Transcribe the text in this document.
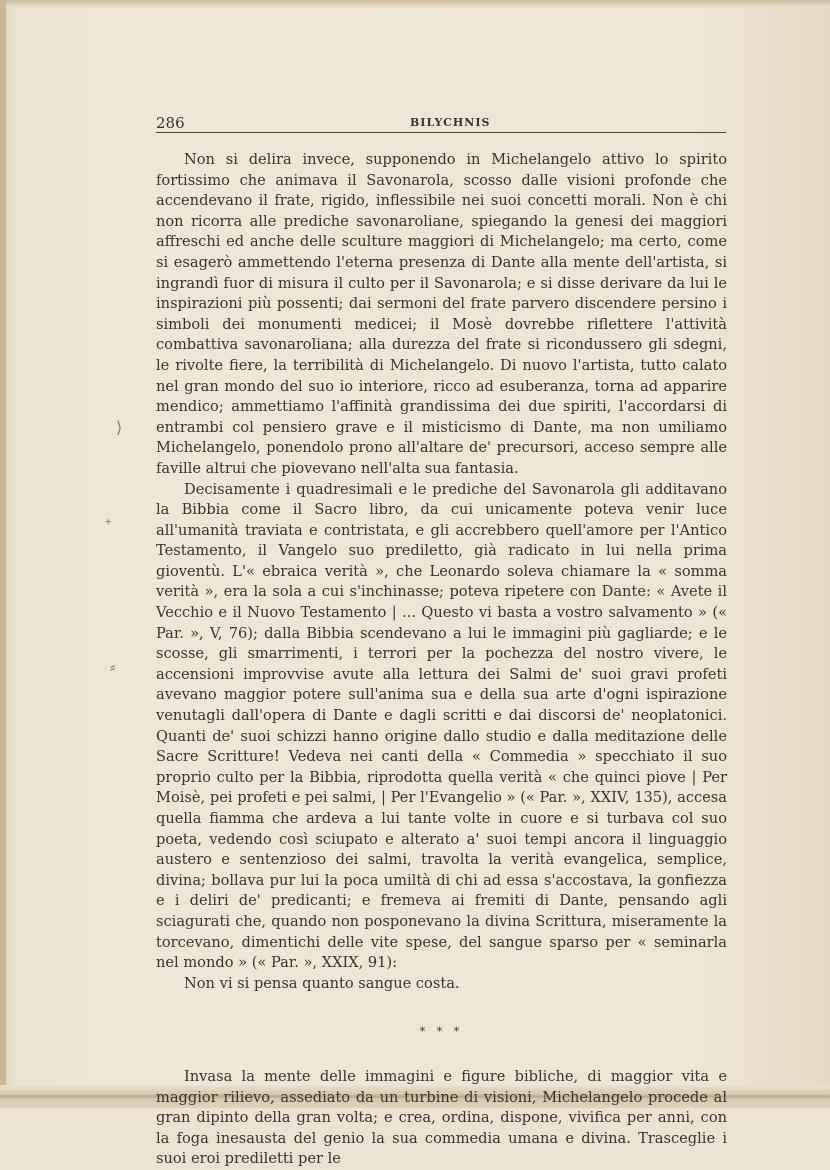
286	BILYCHNIS

Non si delira invece, supponendo in Michelangelo attivo lo spirito fortissimo che animava il Savonarola, scosso dalle visioni profonde che accendevano il frate, rigido, inflessibile nei suoi concetti morali. Non è chi non ricorra alle prediche savonaroliane, spiegando la genesi dei maggiori affreschi ed anche delle sculture maggiori di Michelangelo; ma certo, come si esagerò ammettendo l'eterna presenza di Dante alla mente dell'artista, si ingrandì fuor di misura il culto per il Savonarola; e si disse derivare da lui le inspirazioni più possenti; dai sermoni del frate parvero discendere persino i simboli dei monumenti medicei; il Mosè dovrebbe riflettere l'attività combattiva savonaroliana; alla durezza del frate si ricondussero gli sdegni, le rivolte fiere, la terribilità di Michelangelo. Di nuovo l'artista, tutto calato nel gran mondo del suo io interiore, ricco ad esuberanza, torna ad apparire mendico; ammettiamo l'affinità grandissima dei due spiriti, l'accordarsi di entrambi col pensiero grave e il misticismo di Dante, ma non umiliamo Michelangelo, ponendolo prono all'altare de' precursori, acceso sempre alle faville altrui che piovevano nell'alta sua fantasia.

Decisamente i quadresimali e le prediche del Savonarola gli additavano la Bibbia come il Sacro libro, da cui unicamente poteva venir luce all'umanità traviata e contristata, e gli accrebbero quell'amore per l'Antico Testamento, il Vangelo suo prediletto, già radicato in lui nella prima gioventù. L'« ebraica verità », che Leonardo soleva chiamare la « somma verità », era la sola a cui s'inchinasse; poteva ripetere con Dante: « Avete il Vecchio e il Nuovo Testamento | ... Questo vi basta a vostro salvamento » (« Par. », V, 76); dalla Bibbia scendevano a lui le immagini più gagliarde; e le scosse, gli smarrimenti, i terrori per la pochezza del nostro vivere, le accensioni improvvise avute alla lettura dei Salmi de' suoi gravi profeti avevano maggior potere sull'anima sua e della sua arte d'ogni ispirazione venutagli dall'opera di Dante e dagli scritti e dai discorsi de' neoplatonici. Quanti de' suoi schizzi hanno origine dallo studio e dalla meditazione delle Sacre Scritture! Vedeva nei canti della « Commedia » specchiato il suo proprio culto per la Bibbia, riprodotta quella verità « che quinci piove | Per Moisè, pei profeti e pei salmi, | Per l'Evangelio » (« Par. », XXIV, 135), accesa quella fiamma che ardeva a lui tante volte in cuore e si turbava col suo poeta, vedendo così sciupato e alterato a' suoi tempi ancora il linguaggio austero e sentenzioso dei salmi, travolta la verità evangelica, semplice, divina; bollava pur lui la poca umiltà di chi ad essa s'accostava, la gonfiezza e i deliri de' predicanti; e fremeva ai fremiti di Dante, pensando agli sciagurati che, quando non posponevano la divina Scrittura, miseramente la torcevano, dimentichi delle vite spese, del sangue sparso per « seminarla nel mondo » (« Par. », XXIX, 91):

Non vi si pensa quanto sangue costa.

* * *

Invasa la mente delle immagini e figure bibliche, di maggior vita e maggior rilievo, assediato da un turbine di visioni, Michelangelo procede al gran dipinto della gran volta; e crea, ordina, dispone, vivifica per anni, con la foga inesausta del genio la sua commedia umana e divina. Trasceglie i suoi eroi prediletti per le

⟩
⁺
⸗
